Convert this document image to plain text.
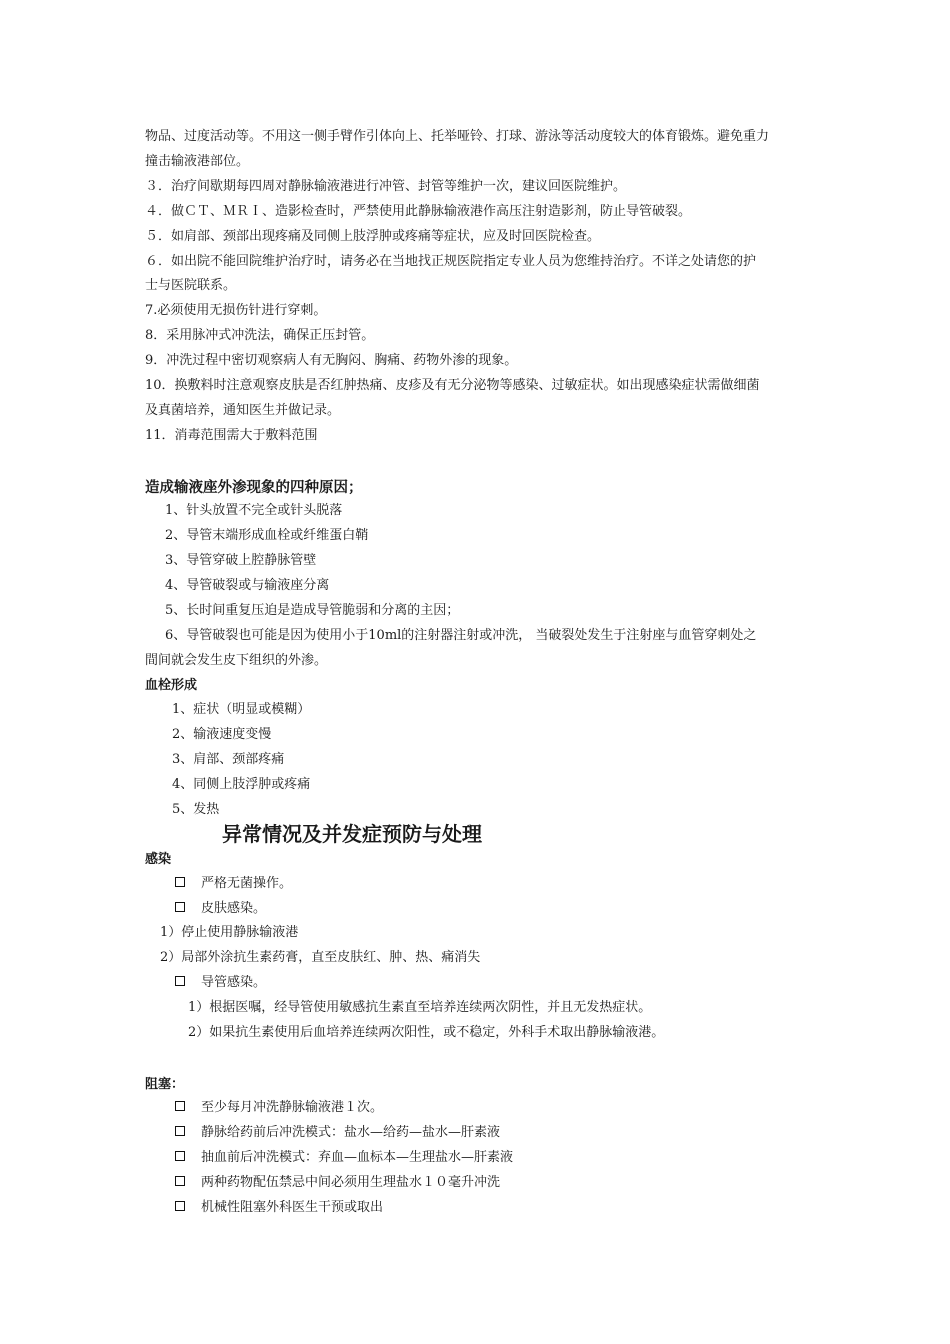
物品、过度活动等。不用这一侧手臂作引体向上、托举哑铃、打球、游泳等活动度较大的体育锻炼。避免重力
撞击输液港部位。
３．治疗间歇期每四周对静脉输液港进行冲管、封管等维护一次，建议回医院维护。
４．做ＣＴ、ＭＲＩ、造影检查时，严禁使用此静脉输液港作高压注射造影剂，防止导管破裂。
５．如肩部、颈部出现疼痛及同侧上肢浮肿或疼痛等症状，应及时回医院检查。
６．如出院不能回院维护治疗时，请务必在当地找正规医院指定专业人员为您维持治疗。不详之处请您的护
士与医院联系。
7.必须使用无损伤针进行穿刺。
8．采用脉冲式冲洗法，确保正压封管。
9．冲洗过程中密切观察病人有无胸闷、胸痛、药物外渗的现象。
10．换敷料时注意观察皮肤是否红肿热痛、皮疹及有无分泌物等感染、过敏症状。如出现感染症状需做细菌
及真菌培养，通知医生并做记录。
11．消毒范围需大于敷料范围
造成输液座外渗现象的四种原因；
1、针头放置不完全或针头脱落
2、导管末端形成血栓或纤维蛋白鞘
3、导管穿破上腔静脉管壁
4、导管破裂或与输液座分离
5、长时间重复压迫是造成导管脆弱和分离的主因；
6、导管破裂也可能是因为使用小于10ml的注射器注射或冲洗， 当破裂处发生于注射座与血管穿刺处之
間间就会发生皮下组织的外渗。
血栓形成
1、症状（明显或模糊）
2、输液速度变慢
3、肩部、颈部疼痛
4、同侧上肢浮肿或疼痛
5、发热
异常情况及并发症预防与处理
感染
严格无菌操作。
皮肤感染。
1）停止使用静脉输液港
2）局部外涂抗生素药膏，直至皮肤红、肿、热、痛消失
导管感染。
1）根据医嘱，经导管使用敏感抗生素直至培养连续两次阴性，并且无发热症状。
2）如果抗生素使用后血培养连续两次阳性，或不稳定，外科手术取出静脉输液港。
阻塞：
至少每月冲洗静脉输液港１次。
静脉给药前后冲洗模式：盐水—给药—盐水—肝素液
抽血前后冲洗模式：弃血—血标本—生理盐水—肝素液
两种药物配伍禁忌中间必须用生理盐水１０毫升冲洗
机械性阻塞外科医生干预或取出
